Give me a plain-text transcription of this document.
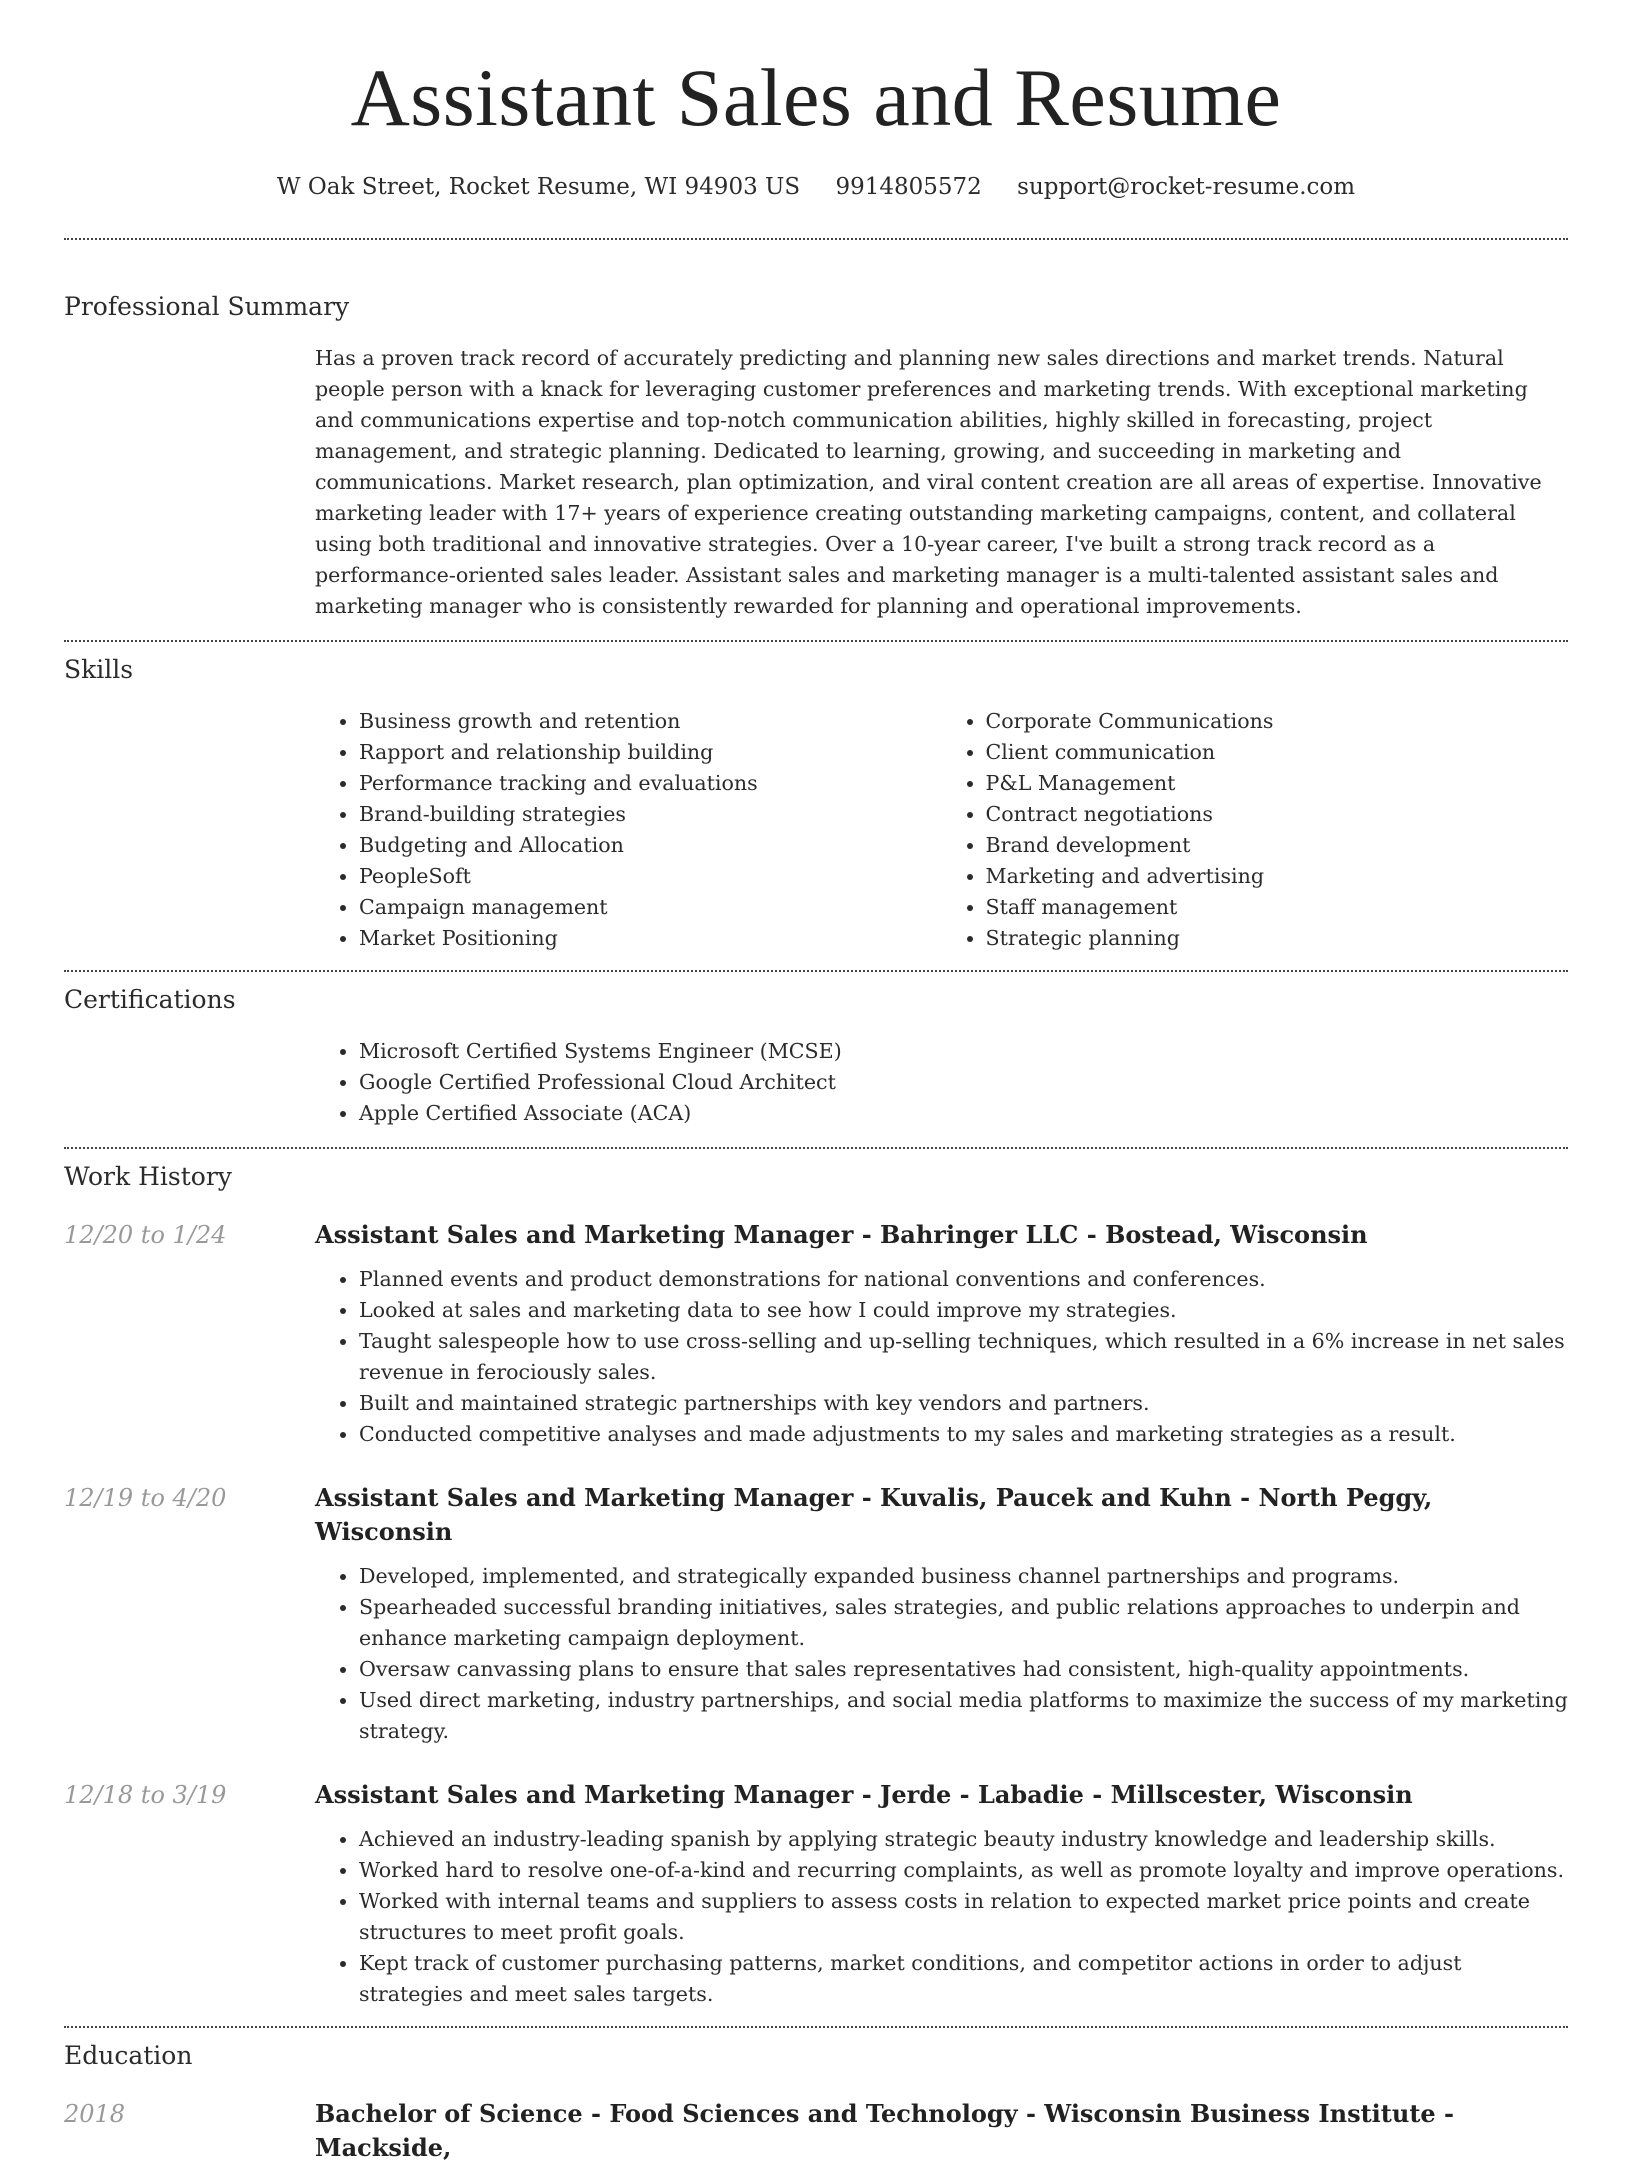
Assistant Sales and Resume
W Oak Street, Rocket Resume, WI 94903 US 9914805572 support@rocket-resume.com
Professional Summary

Has a proven track record of accurately predicting and planning new sales directions and market trends. Natural people person with a knack for leveraging customer preferences and marketing trends. With exceptional marketing and communications expertise and top-notch communication abilities, highly skilled in forecasting, project management, and strategic planning. Dedicated to learning, growing, and succeeding in marketing and communications. Market research, plan optimization, and viral content creation are all areas of expertise. Innovative marketing leader with 17+ years of experience creating outstanding marketing campaigns, content, and collateral using both traditional and innovative strategies. Over a 10-year career, I've built a strong track record as a performance-oriented sales leader. Assistant sales and marketing manager is a multi-talented assistant sales and marketing manager who is consistently rewarded for planning and operational improvements.

Skills
• Business growth and retention
• Rapport and relationship building
• Performance tracking and evaluations
• Brand-building strategies
• Budgeting and Allocation
• PeopleSoft
• Campaign management
• Market Positioning
• Corporate Communications
• Client communication
• P&L Management
• Contract negotiations
• Brand development
• Marketing and advertising
• Staff management
• Strategic planning
Certifications
• Microsoft Certified Systems Engineer (MCSE)
• Google Certified Professional Cloud Architect
• Apple Certified Associate (ACA)
Work History
12/20 to 1/24	Assistant Sales and Marketing Manager - Bahringer LLC - Bostead, Wisconsin
• Planned events and product demonstrations for national conventions and conferences.
• Looked at sales and marketing data to see how I could improve my strategies.
• Taught salespeople how to use cross-selling and up-selling techniques, which resulted in a 6% increase in net sales revenue in ferociously sales.
• Built and maintained strategic partnerships with key vendors and partners.
• Conducted competitive analyses and made adjustments to my sales and marketing strategies as a result.
12/19 to 4/20	Assistant Sales and Marketing Manager - Kuvalis, Paucek and Kuhn - North Peggy, Wisconsin
• Developed, implemented, and strategically expanded business channel partnerships and programs.
• Spearheaded successful branding initiatives, sales strategies, and public relations approaches to underpin and enhance marketing campaign deployment.
• Oversaw canvassing plans to ensure that sales representatives had consistent, high-quality appointments.
• Used direct marketing, industry partnerships, and social media platforms to maximize the success of my marketing strategy.
12/18 to 3/19	Assistant Sales and Marketing Manager - Jerde - Labadie - Millscester, Wisconsin
• Achieved an industry-leading spanish by applying strategic beauty industry knowledge and leadership skills.
• Worked hard to resolve one-of-a-kind and recurring complaints, as well as promote loyalty and improve operations.
• Worked with internal teams and suppliers to assess costs in relation to expected market price points and create structures to meet profit goals.
• Kept track of customer purchasing patterns, market conditions, and competitor actions in order to adjust strategies and meet sales targets.
Education
2018	Bachelor of Science - Food Sciences and Technology - Wisconsin Business Institute - Mackside,
